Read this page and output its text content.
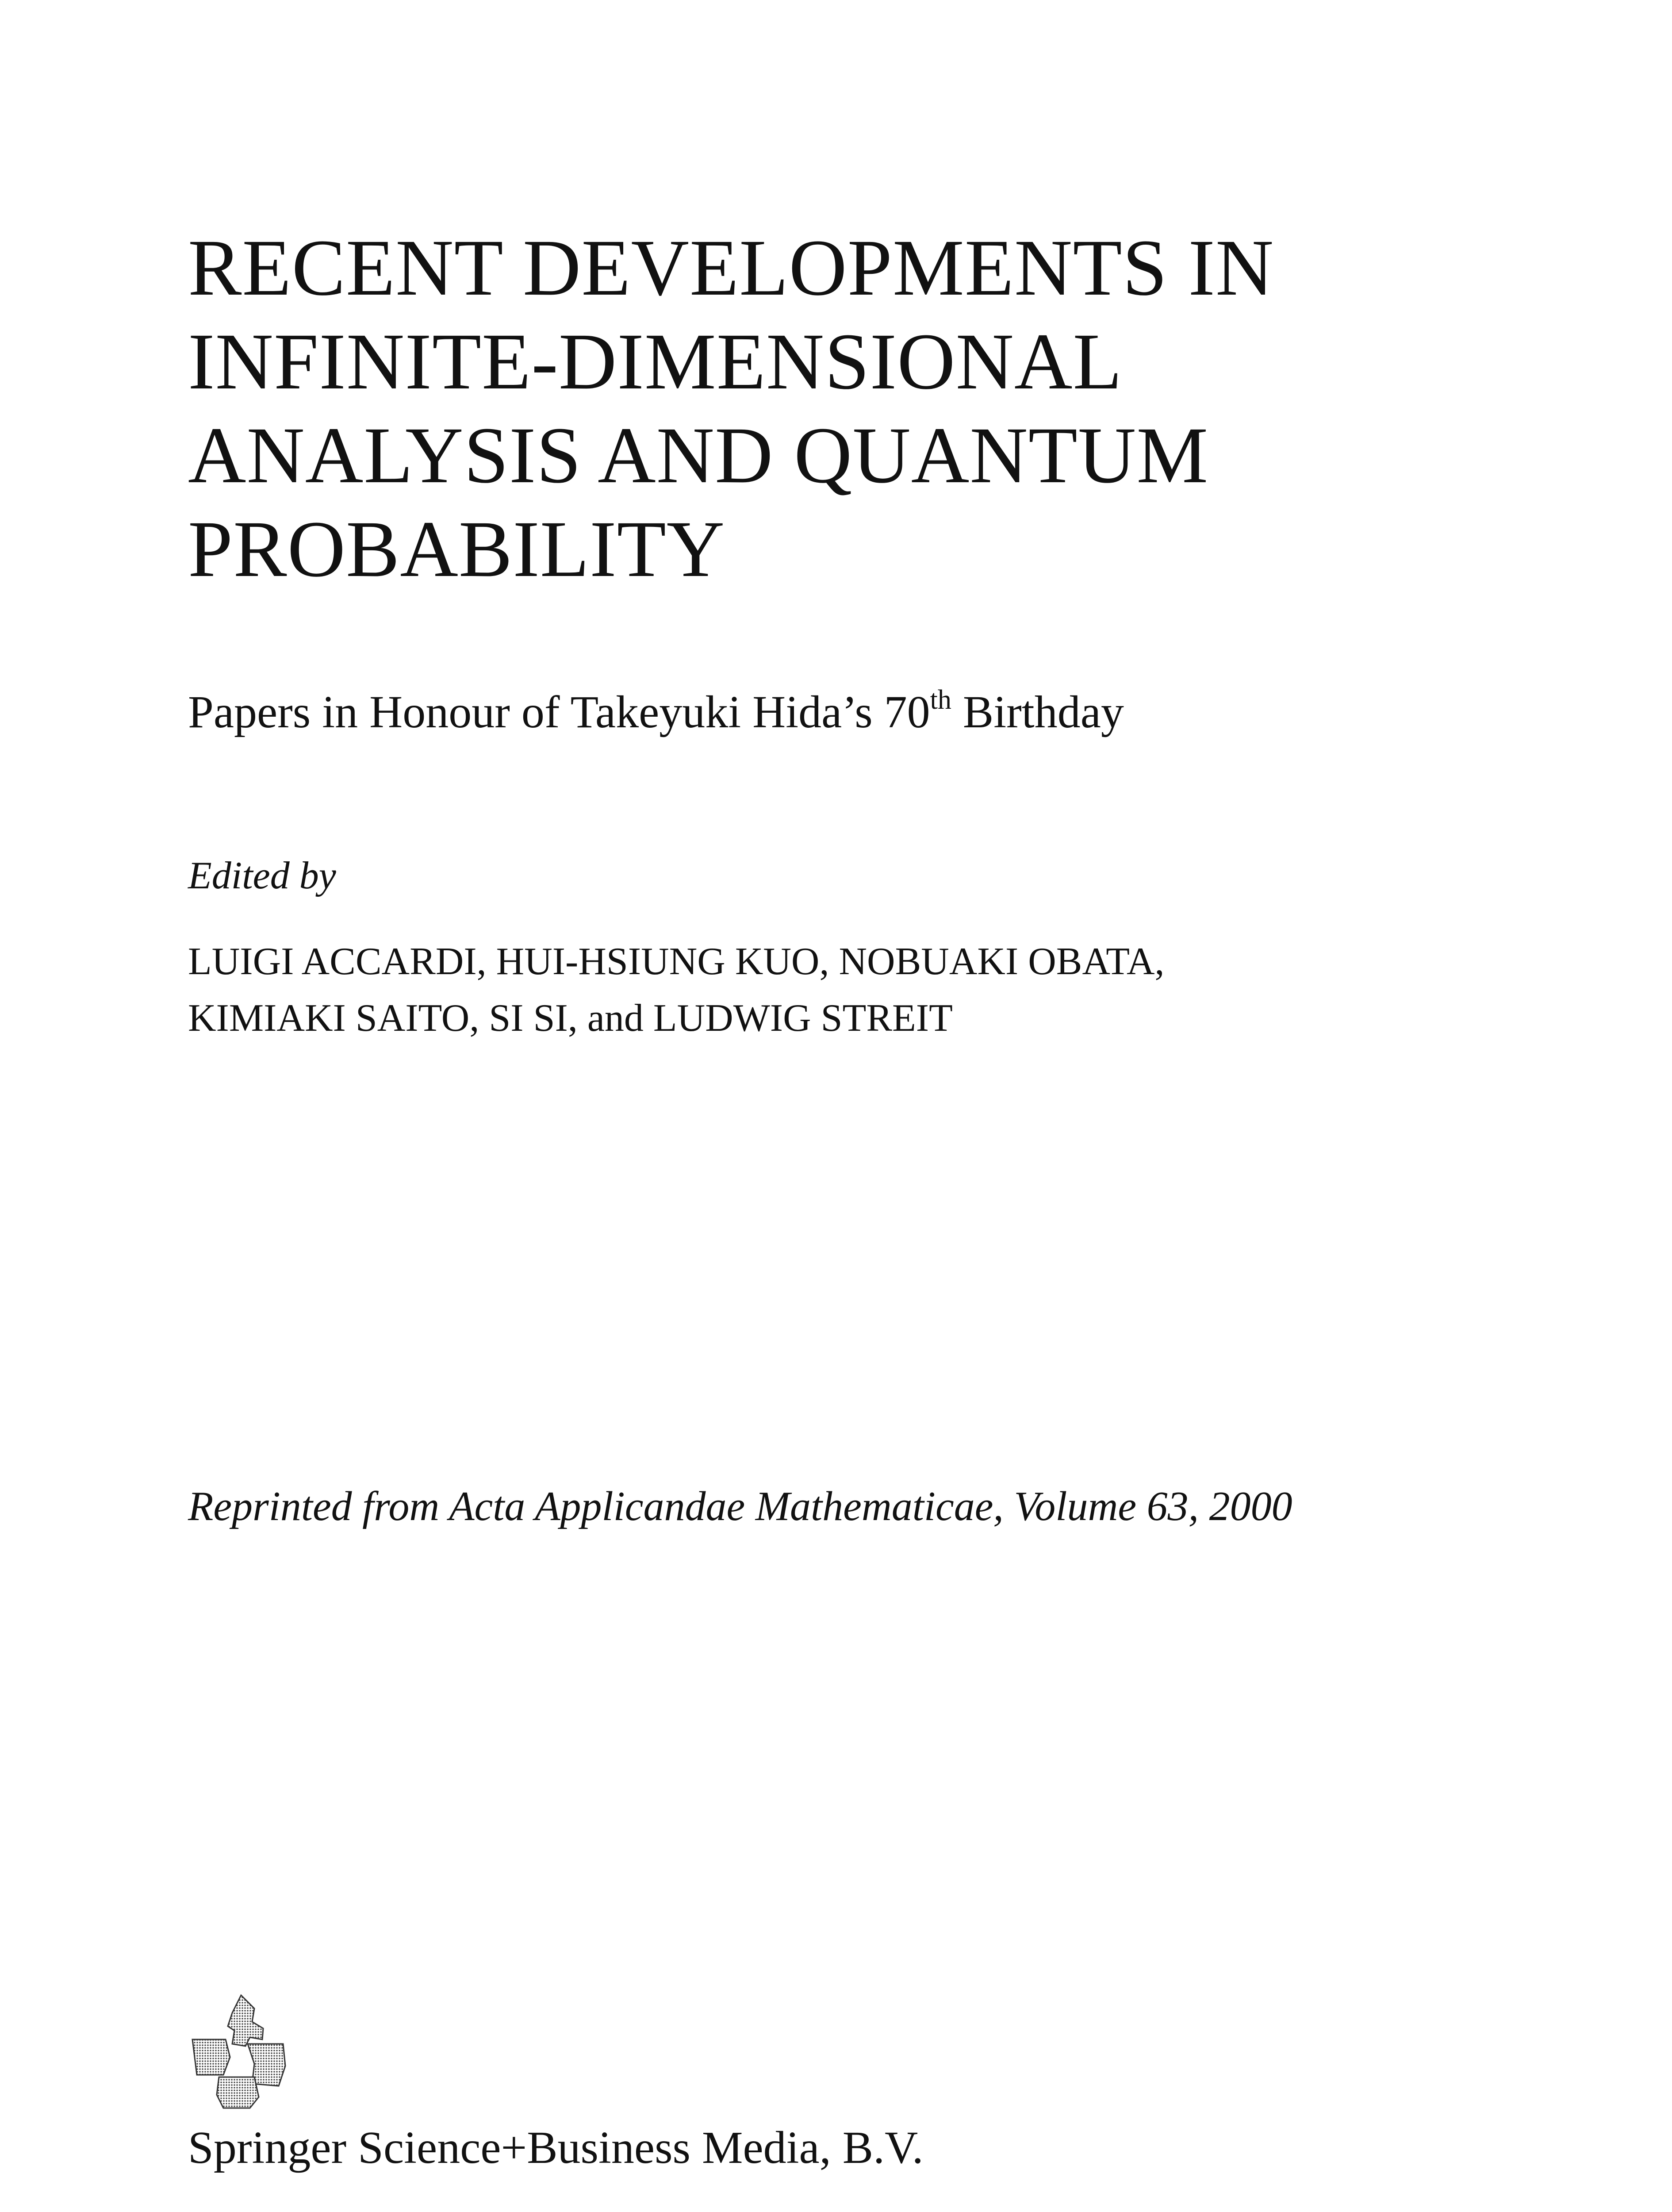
RECENT DEVELOPMENTS IN
INFINITE-DIMENSIONAL
ANALYSIS AND QUANTUM
PROBABILITY
Papers in Honour of Takeyuki Hida’s 70th Birthday
Edited by
LUIGI ACCARDI, HUI-HSIUNG KUO, NOBUAKI OBATA,
KIMIAKI SAITO, SI SI, and LUDWIG STREIT
Reprinted from Acta Applicandae Mathematicae, Volume 63, 2000
Springer Science+Business Media, B.V.
